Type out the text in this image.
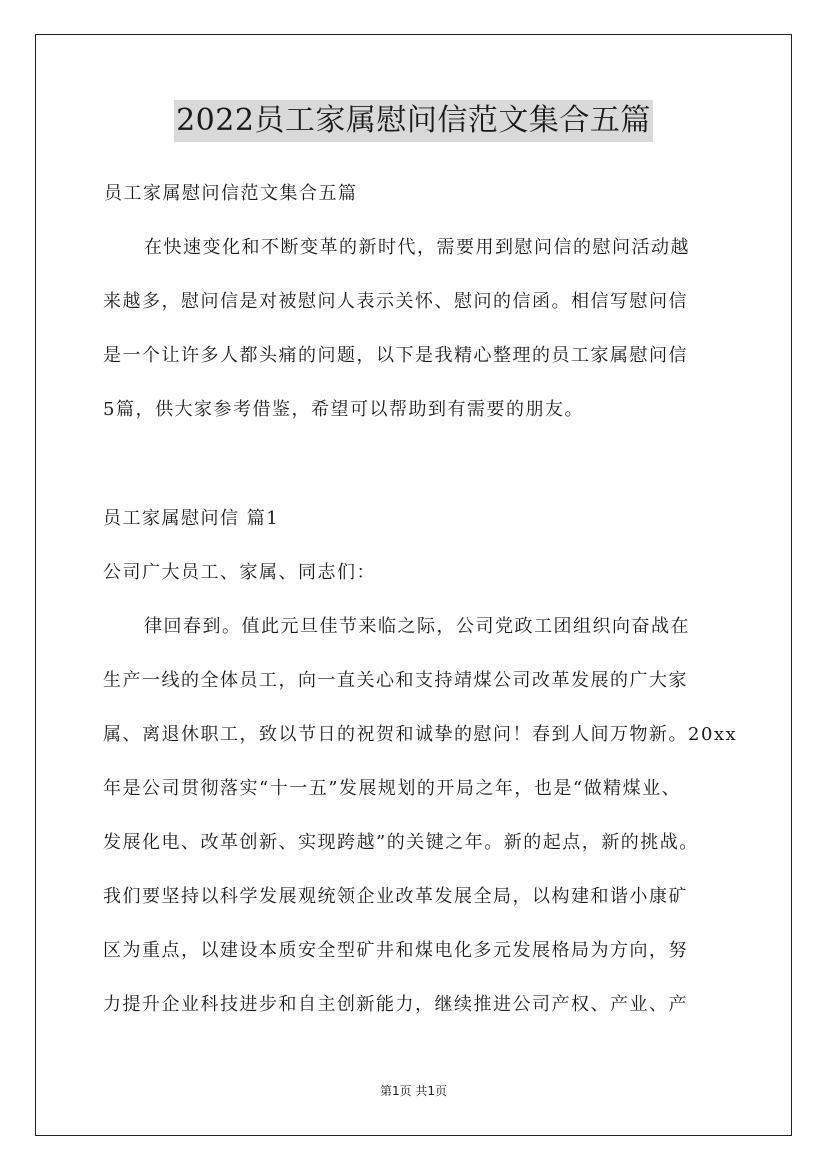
2022员工家属慰问信范文集合五篇
员工家属慰问信范文集合五篇
在快速变化和不断变革的新时代，需要用到慰问信的慰问活动越
来越多，慰问信是对被慰问人表示关怀、慰问的信函。相信写慰问信
是一个让许多人都头痛的问题，以下是我精心整理的员工家属慰问信
5篇，供大家参考借鉴，希望可以帮助到有需要的朋友。
员工家属慰问信 篇1
公司广大员工、家属、同志们：
律回春到。值此元旦佳节来临之际，公司党政工团组织向奋战在
生产一线的全体员工，向一直关心和支持靖煤公司改革发展的广大家
属、离退休职工，致以节日的祝贺和诚挚的慰问！春到人间万物新。20xx
年是公司贯彻落实“十一五”发展规划的开局之年，也是“做精煤业、
发展化电、改革创新、实现跨越”的关键之年。新的起点，新的挑战。
我们要坚持以科学发展观统领企业改革发展全局，以构建和谐小康矿
区为重点，以建设本质安全型矿井和煤电化多元发展格局为方向，努
力提升企业科技进步和自主创新能力，继续推进公司产权、产业、产
第1页 共1页
